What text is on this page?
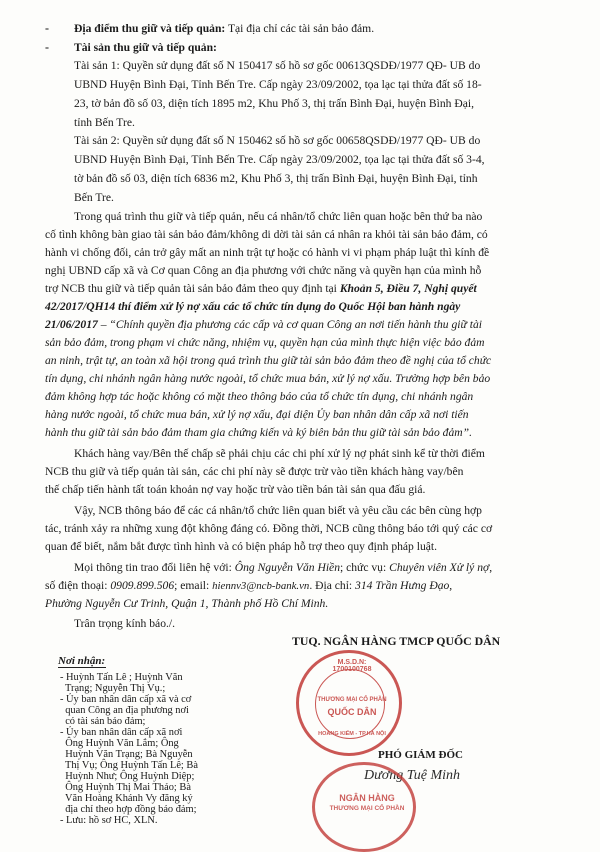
- Địa điểm thu giữ và tiếp quản: Tại địa chỉ các tài sản bảo đảm.
- Tài sản thu giữ và tiếp quản:
Tài sản 1: Quyền sử dụng đất số N 150417 số hồ sơ gốc 00613QSDĐ/1977 QĐ- UB do
UBND Huyện Bình Đại, Tỉnh Bến Tre. Cấp ngày 23/09/2002, tọa lạc tại thửa đất số 18-
23, tờ bản đồ số 03, diện tích 1895 m2, Khu Phố 3, thị trấn Bình Đại, huyện Bình Đại,
tỉnh Bến Tre.
Tài sản 2: Quyền sử dụng đất số N 150462 số hồ sơ gốc 00658QSDĐ/1977 QĐ- UB do
UBND Huyện Bình Đại, Tỉnh Bến Tre. Cấp ngày 23/09/2002, tọa lạc tại thửa đất số 3-4,
tờ bản đồ số 03, diện tích 6836 m2, Khu Phố 3, thị trấn Bình Đại, huyện Bình Đại, tỉnh
Bến Tre.
Trong quá trình thu giữ và tiếp quản, nếu cá nhân/tổ chức liên quan hoặc bên thứ ba nào
cố tình không bàn giao tài sản bảo đảm/không di dời tài sản cá nhân ra khỏi tài sản bảo đảm, có
hành vi chống đối, cản trở gây mất an ninh trật tự hoặc có hành vi vi phạm pháp luật thì kính đề
nghị UBND cấp xã và Cơ quan Công an địa phương với chức năng và quyền hạn của mình hỗ
trợ NCB thu giữ và tiếp quản tài sản bảo đảm theo quy định tại Khoản 5, Điều 7, Nghị quyết
42/2017/QH14 thí điểm xử lý nợ xấu các tổ chức tín dụng do Quốc Hội ban hành ngày
21/06/2017 – “Chính quyền địa phương các cấp và cơ quan Công an nơi tiến hành thu giữ tài
sản bảo đảm, trong phạm vi chức năng, nhiệm vụ, quyền hạn của mình thực hiện việc bảo đảm
an ninh, trật tự, an toàn xã hội trong quá trình thu giữ tài sản bảo đảm theo đề nghị của tổ chức
tín dụng, chi nhánh ngân hàng nước ngoài, tổ chức mua bán, xử lý nợ xấu. Trường hợp bên bảo
đảm không hợp tác hoặc không có mặt theo thông báo của tổ chức tín dụng, chi nhánh ngân
hàng nước ngoài, tổ chức mua bán, xử lý nợ xấu, đại diện Ủy ban nhân dân cấp xã nơi tiến
hành thu giữ tài sản bảo đảm tham gia chứng kiến và ký biên bản thu giữ tài sản bảo đảm”.
Khách hàng vay/Bên thế chấp sẽ phải chịu các chi phí xử lý nợ phát sinh kể từ thời điểm
NCB thu giữ và tiếp quản tài sản, các chi phí này sẽ được trừ vào tiền khách hàng vay/bên
thế chấp tiến hành tất toán khoản nợ vay hoặc trừ vào tiền bán tài sản qua đấu giá.
Vậy, NCB thông báo để các cá nhân/tổ chức liên quan biết và yêu cầu các bên cùng hợp
tác, tránh xảy ra những xung đột không đáng có. Đồng thời, NCB cũng thông báo tới quý các cơ
quan để biết, nắm bắt được tình hình và có biện pháp hỗ trợ theo quy định pháp luật.
Mọi thông tin trao đổi liên hệ với: Ông Nguyễn Văn Hiền; chức vụ: Chuyên viên Xử lý nợ,
số điện thoại: 0909.899.506; email: hiennv3@ncb-bank.vn. Địa chỉ: 314 Trần Hưng Đạo,
Phường Nguyễn Cư Trinh, Quận 1, Thành phố Hồ Chí Minh.
Trân trọng kính báo./.
TUQ. NGÂN HÀNG TMCP QUỐC DÂN
PHÓ GIÁM ĐỐC
Dương Tuệ Minh
M.S.D.N: 1700100768
THƯƠNG MẠI CỔ PHẦN
QUỐC DÂN
HOÀNG KIẾM - TP.HÀ NỘI
NGÂN HÀNG
THƯƠNG MẠI CỔ PHẦN
Nơi nhận:
- Huỳnh Tấn Lê ; Huỳnh Văn
Trạng; Nguyễn Thị Vụ.;
- Ủy ban nhân dân cấp xã và cơ
quan Công an địa phương nơi
có tài sản bảo đảm;
- Ủy ban nhân dân cấp xã nơi
Ông Huỳnh Văn Lắm; Ông
Huỳnh Văn Trạng; Bà Nguyễn
Thị Vụ; Ông Huỳnh Tấn Lê; Bà
Huỳnh Như; Ông Huỳnh Diệp;
Ông Huỳnh Thị Mai Thảo; Bà
Văn Hoàng Khánh Vy đăng ký
địa chỉ theo hợp đồng bảo đảm;
- Lưu: hồ sơ HC, XLN.
